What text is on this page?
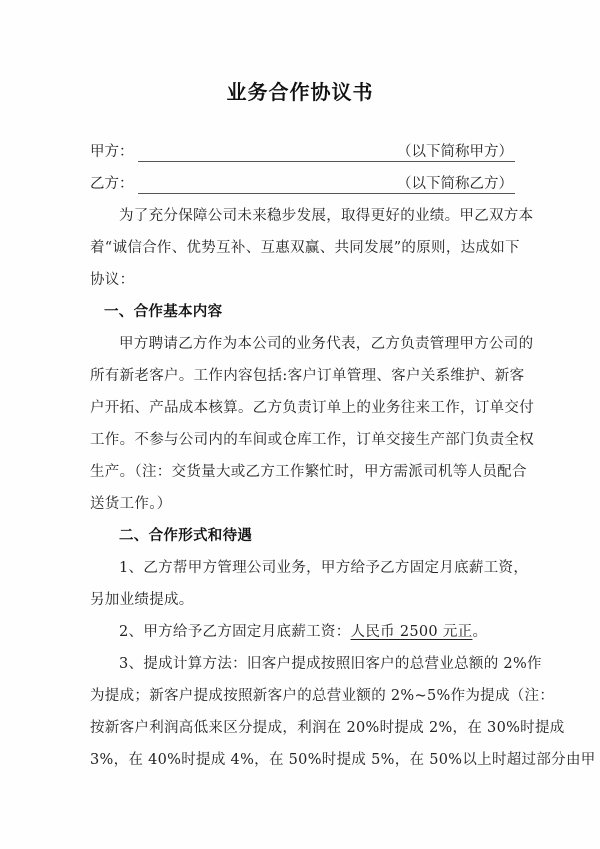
业务合作协议书
甲方：	（以下简称甲方）
乙方：	（以下简称乙方）
为了充分保障公司未来稳步发展，取得更好的业绩。甲乙双方本
着“诚信合作、优势互补、互惠双赢、共同发展”的原则，达成如下
协议：
一、合作基本内容
甲方聘请乙方作为本公司的业务代表，乙方负责管理甲方公司的
所有新老客户。工作内容包括:客户订单管理、客户关系维护、新客
户开拓、产品成本核算。乙方负责订单上的业务往来工作，订单交付
工作。不参与公司内的车间或仓库工作，订单交接生产部门负责全权
生产。（注：交货量大或乙方工作繁忙时，甲方需派司机等人员配合
送货工作。）
二、合作形式和待遇
1、乙方帮甲方管理公司业务，甲方给予乙方固定月底薪工资，
另加业绩提成。
2、甲方给予乙方固定月底薪工资：人民币 2500 元正。
3、提成计算方法：旧客户提成按照旧客户的总营业总额的 2%作
为提成；新客户提成按照新客户的总营业额的 2%~5%作为提成（注：
按新客户利润高低来区分提成，利润在 20%时提成 2%，在 30%时提成
3%，在 40%时提成 4%，在 50%时提成 5%，在 50%以上时超过部分由甲
